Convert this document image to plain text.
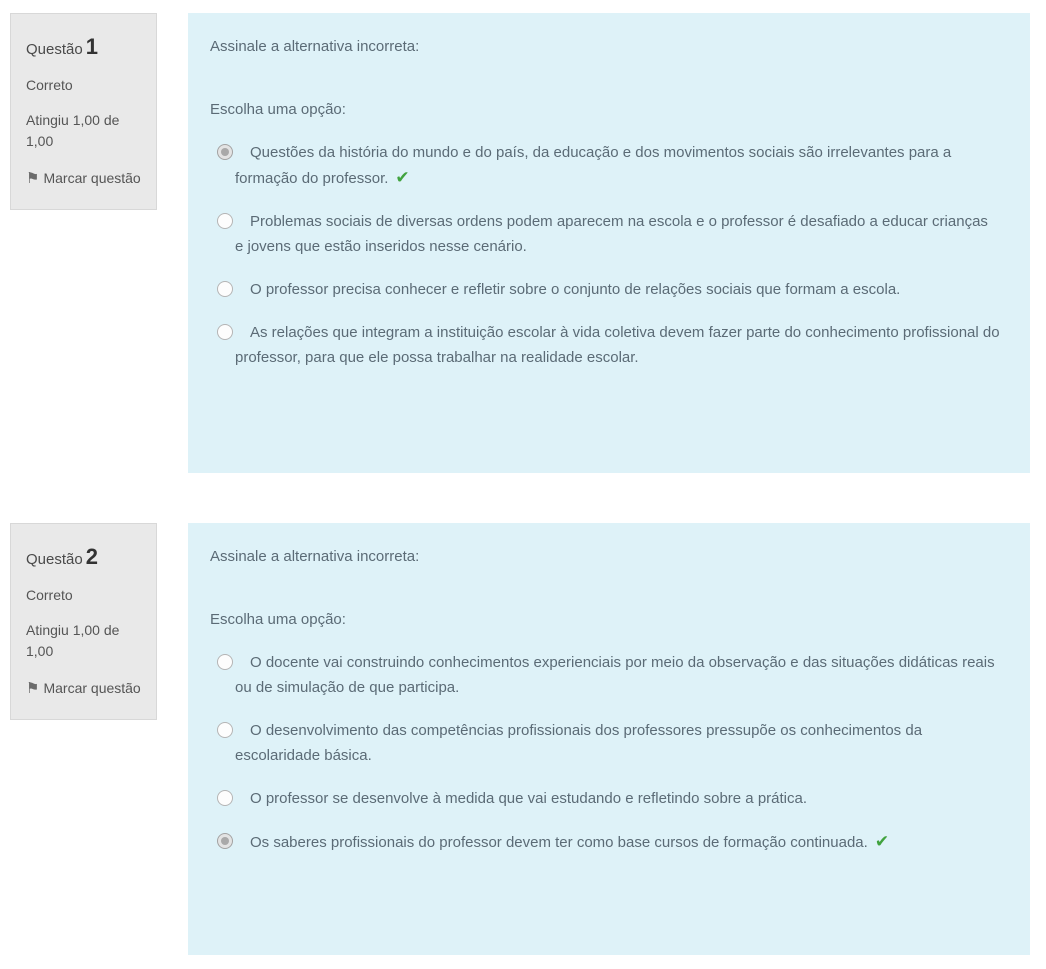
Questão 1
Correto
Atingiu 1,00 de 1,00
⚑ Marcar questão

Assinale a alternativa incorreta:

Escolha uma opção:
Questões da história do mundo e do país, da educação e dos movimentos sociais são irrelevantes para a formação do professor. ✔
Problemas sociais de diversas ordens podem aparecem na escola e o professor é desafiado a educar crianças e jovens que estão inseridos nesse cenário.
O professor precisa conhecer e refletir sobre o conjunto de relações sociais que formam a escola.
As relações que integram a instituição escolar à vida coletiva devem fazer parte do conhecimento profissional do professor, para que ele possa trabalhar na realidade escolar.
Questão 2
Correto
Atingiu 1,00 de 1,00
⚑ Marcar questão

Assinale a alternativa incorreta:

Escolha uma opção:
O docente vai construindo conhecimentos experienciais por meio da observação e das situações didáticas reais ou de simulação de que participa.
O desenvolvimento das competências profissionais dos professores pressupõe os conhecimentos da escolaridade básica.
O professor se desenvolve à medida que vai estudando e refletindo sobre a prática.
Os saberes profissionais do professor devem ter como base cursos de formação continuada. ✔
